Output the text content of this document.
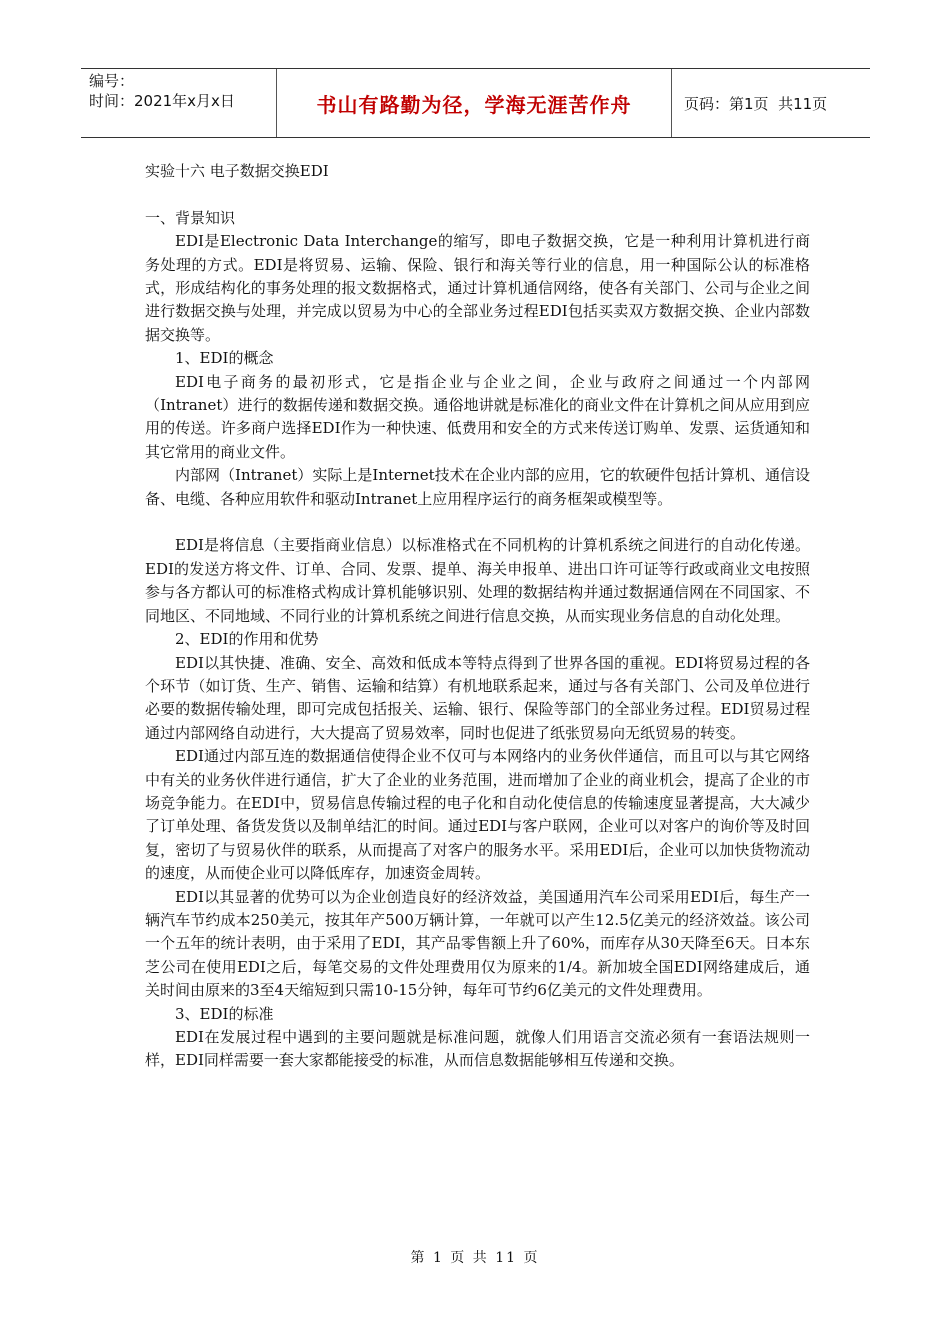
编号：
时间：2021年x月x日	书山有路勤为径，学海无涯苦作舟	页码：第1页  共11页

实验十六 电子数据交换EDI

一、背景知识

EDI是Electronic Data Interchange的缩写，即电子数据交换，它是一种利用计算机进行商务处理的方式。EDI是将贸易、运输、保险、银行和海关等行业的信息，用一种国际公认的标准格式，形成结构化的事务处理的报文数据格式，通过计算机通信网络，使各有关部门、公司与企业之间进行数据交换与处理，并完成以贸易为中心的全部业务过程EDI包括买卖双方数据交换、企业内部数据交换等。

1、EDI的概念

EDI电子商务的最初形式，它是指企业与企业之间，企业与政府之间通过一个内部网（Intranet）进行的数据传递和数据交换。通俗地讲就是标准化的商业文件在计算机之间从应用到应用的传送。许多商户选择EDI作为一种快速、低费用和安全的方式来传送订购单、发票、运货通知和其它常用的商业文件。

内部网（Intranet）实际上是Internet技术在企业内部的应用，它的软硬件包括计算机、通信设备、电缆、各种应用软件和驱动Intranet上应用程序运行的商务框架或模型等。

EDI是将信息（主要指商业信息）以标准格式在不同机构的计算机系统之间进行的自动化传递。EDI的发送方将文件、订单、合同、发票、提单、海关申报单、进出口许可证等行政或商业文电按照参与各方都认可的标准格式构成计算机能够识别、处理的数据结构并通过数据通信网在不同国家、不同地区、不同地域、不同行业的计算机系统之间进行信息交换，从而实现业务信息的自动化处理。

2、EDI的作用和优势

EDI以其快捷、准确、安全、高效和低成本等特点得到了世界各国的重视。EDI将贸易过程的各个环节（如订货、生产、销售、运输和结算）有机地联系起来，通过与各有关部门、公司及单位进行必要的数据传输处理，即可完成包括报关、运输、银行、保险等部门的全部业务过程。EDI贸易过程通过内部网络自动进行，大大提高了贸易效率，同时也促进了纸张贸易向无纸贸易的转变。

EDI通过内部互连的数据通信使得企业不仅可与本网络内的业务伙伴通信，而且可以与其它网络中有关的业务伙伴进行通信，扩大了企业的业务范围，进而增加了企业的商业机会，提高了企业的市场竞争能力。在EDI中，贸易信息传输过程的电子化和自动化使信息的传输速度显著提高，大大减少了订单处理、备货发货以及制单结汇的时间。通过EDI与客户联网，企业可以对客户的询价等及时回复，密切了与贸易伙伴的联系，从而提高了对客户的服务水平。采用EDI后，企业可以加快货物流动的速度，从而使企业可以降低库存，加速资金周转。

EDI以其显著的优势可以为企业创造良好的经济效益，美国通用汽车公司采用EDI后，每生产一辆汽车节约成本250美元，按其年产500万辆计算，一年就可以产生12.5亿美元的经济效益。该公司一个五年的统计表明，由于采用了EDI，其产品零售额上升了60%，而库存从30天降至6天。日本东芝公司在使用EDI之后，每笔交易的文件处理费用仅为原来的1/4。新加坡全国EDI网络建成后，通关时间由原来的3至4天缩短到只需10-15分钟，每年可节约6亿美元的文件处理费用。

3、EDI的标准

EDI在发展过程中遇到的主要问题就是标准问题，就像人们用语言交流必须有一套语法规则一样，EDI同样需要一套大家都能接受的标准，从而信息数据能够相互传递和交换。

第 1 页 共 11 页
